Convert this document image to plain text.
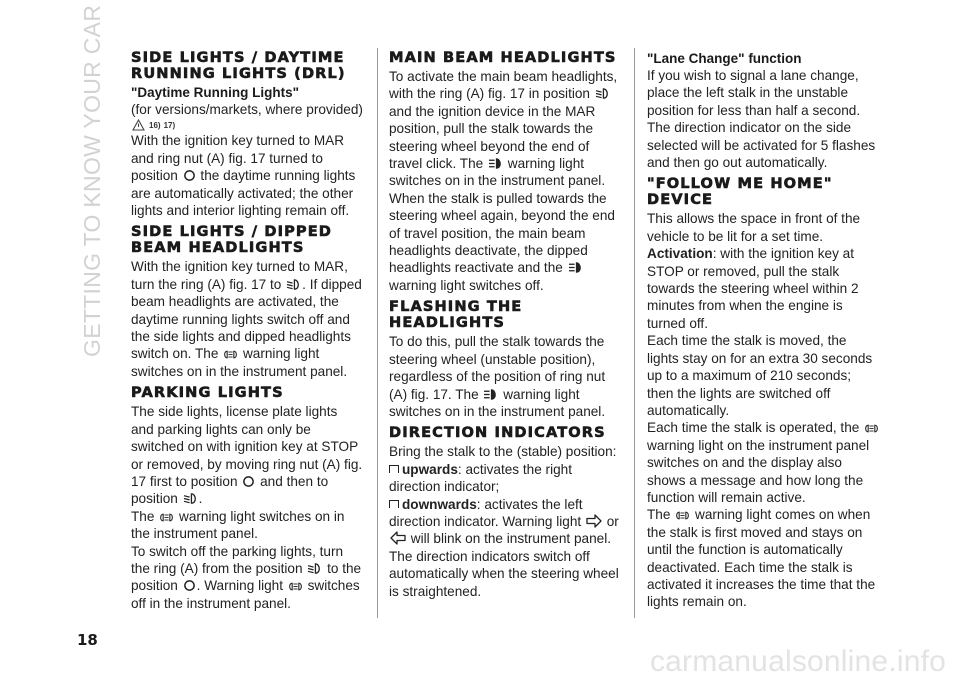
GETTING TO KNOW YOUR CAR
18
carmanualsonline.info
SIDE LIGHTS / DAYTIME RUNNING LIGHTS (DRL)
"Daytime Running Lights"

(for versions/markets, where provided)

16) 17)

With the ignition key turned to MAR and ring nut (A) fig. 17 turned to position the daytime running lights are automatically activated; the other lights and interior lighting remain off.

SIDE LIGHTS / DIPPED BEAM HEADLIGHTS

With the ignition key turned to MAR, turn the ring (A) fig. 17 to . If dipped beam headlights are activated, the daytime running lights switch off and the side lights and dipped headlights switch on. The warning light switches on in the instrument panel.

PARKING LIGHTS

The side lights, license plate lights and parking lights can only be switched on with ignition key at STOP or removed, by moving ring nut (A) fig. 17 first to position and then to position .

The warning light switches on in the instrument panel.

To switch off the parking lights, turn the ring (A) from the position to the position . Warning light switches off in the instrument panel.

MAIN BEAM HEADLIGHTS

To activate the main beam headlights, with the ring (A) fig. 17 in position  and the ignition device in the MAR position, pull the stalk towards the steering wheel beyond the end of travel click. The warning light switches on in the instrument panel. When the stalk is pulled towards the steering wheel again, beyond the end of travel position, the main beam headlights deactivate, the dipped headlights reactivate and the  warning light switches off.

FLASHING THE HEADLIGHTS

To do this, pull the stalk towards the steering wheel (unstable position), regardless of the position of ring nut (A) fig. 17. The warning light switches on in the instrument panel.

DIRECTION INDICATORS

Bring the stalk to the (stable) position:

upwards: activates the right direction indicator;

downwards: activates the left direction indicator. Warning light or  will blink on the instrument panel.

The direction indicators switch off automatically when the steering wheel is straightened.

"Lane Change" function

If you wish to signal a lane change, place the left stalk in the unstable position for less than half a second. The direction indicator on the side selected will be activated for 5 flashes and then go out automatically.

"FOLLOW ME HOME" DEVICE

This allows the space in front of the vehicle to be lit for a set time.

Activation: with the ignition key at STOP or removed, pull the stalk towards the steering wheel within 2 minutes from when the engine is turned off.

Each time the stalk is moved, the lights stay on for an extra 30 seconds up to a maximum of 210 seconds; then the lights are switched off automatically.

Each time the stalk is operated, the  warning light on the instrument panel switches on and the display also shows a message and how long the function will remain active.

The warning light comes on when the stalk is first moved and stays on until the function is automatically deactivated. Each time the stalk is activated it increases the time that the lights remain on.
